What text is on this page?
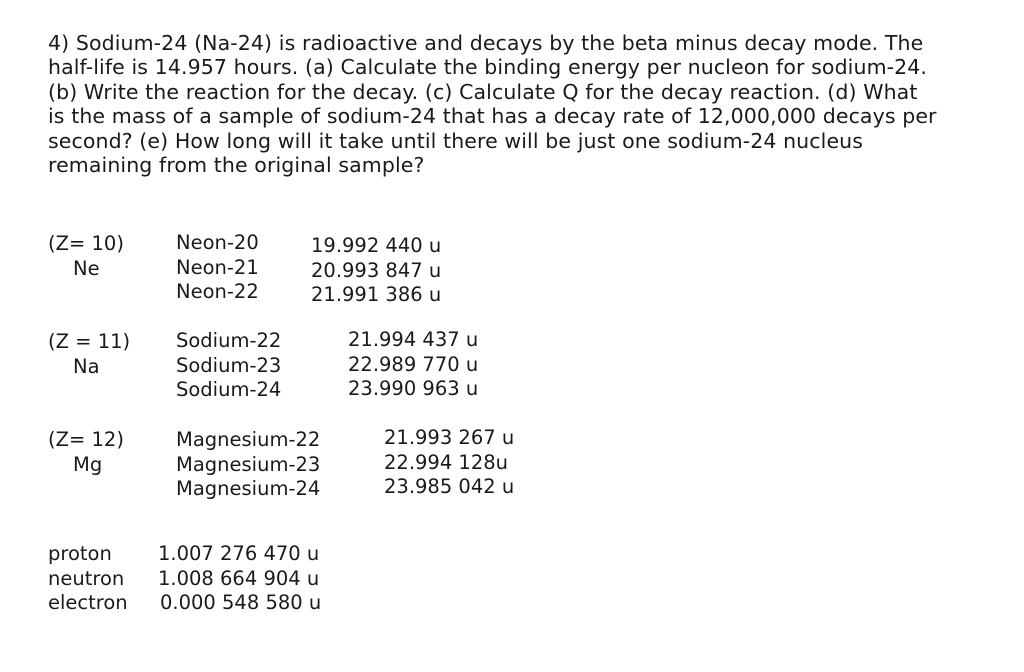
4) Sodium-24 (Na-24) is radioactive and decays by the beta minus decay mode. The
half-life is 14.957 hours. (a) Calculate the binding energy per nucleon for sodium-24.
(b) Write the reaction for the decay. (c) Calculate Q for the decay reaction. (d) What
is the mass of a sample of sodium-24 that has a decay rate of 12,000,000 decays per
second? (e) How long will it take until there will be just one sodium-24 nucleus
remaining from the original sample?
(Z= 10)
Ne
Neon-20
Neon-21
Neon-22
19.992 440 u
20.993 847 u
21.991 386 u
(Z = 11)
Na
Sodium-22
Sodium-23
Sodium-24
21.994 437 u
22.989 770 u
23.990 963 u
(Z= 12)
Mg
Magnesium-22
Magnesium-23
Magnesium-24
21.993 267 u
22.994 128u
23.985 042 u
proton 1.007 276 470 u
neutron 1.008 664 904 u
electron 0.000 548 580 u
